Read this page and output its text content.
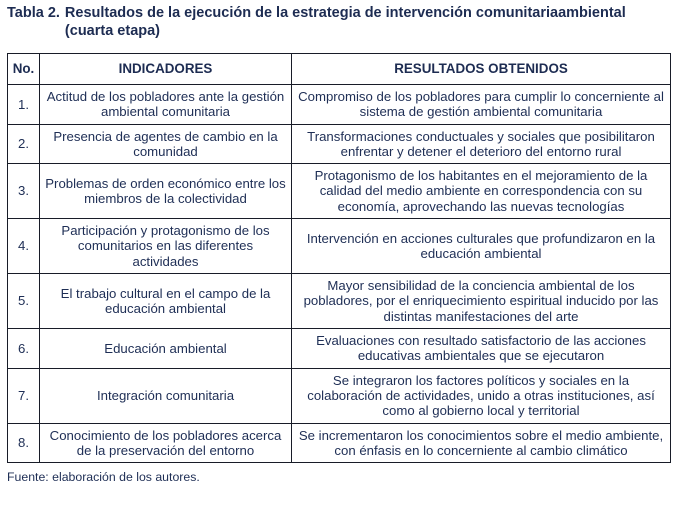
Tabla 2. Resultados de la ejecución de la estrategia de intervención comunitariaambiental
(cuarta etapa)
No.	INDICADORES	RESULTADOS OBTENIDOS
1.	Actitud de los pobladores ante la gestión ambiental comunitaria	Compromiso de los pobladores para cumplir lo concerniente al sistema de gestión ambiental comunitaria
2.	Presencia de agentes de cambio en la comunidad	Transformaciones conductuales y sociales que posibilitaron enfrentar y detener el deterioro del entorno rural
3.	Problemas de orden económico entre los miembros de la colectividad	Protagonismo de los habitantes en el mejoramiento de la calidad del medio ambiente en correspondencia con su economía, aprovechando las nuevas tecnologías
4.	Participación y protagonismo de los comunitarios en las diferentes actividades	Intervención en acciones culturales que profundizaron en la educación ambiental
5.	El trabajo cultural en el campo de la educación ambiental	Mayor sensibilidad de la conciencia ambiental de los pobladores, por el enriquecimiento espiritual inducido por las distintas manifestaciones del arte
6.	Educación ambiental	Evaluaciones con resultado satisfactorio de las acciones educativas ambientales que se ejecutaron
7.	Integración comunitaria	Se integraron los factores políticos y sociales en la colaboración de actividades, unido a otras instituciones, así como al gobierno local y territorial
8.	Conocimiento de los pobladores acerca de la preservación del entorno	Se incrementaron los conocimientos sobre el medio ambiente, con énfasis en lo concerniente al cambio climático
Fuente: elaboración de los autores.
